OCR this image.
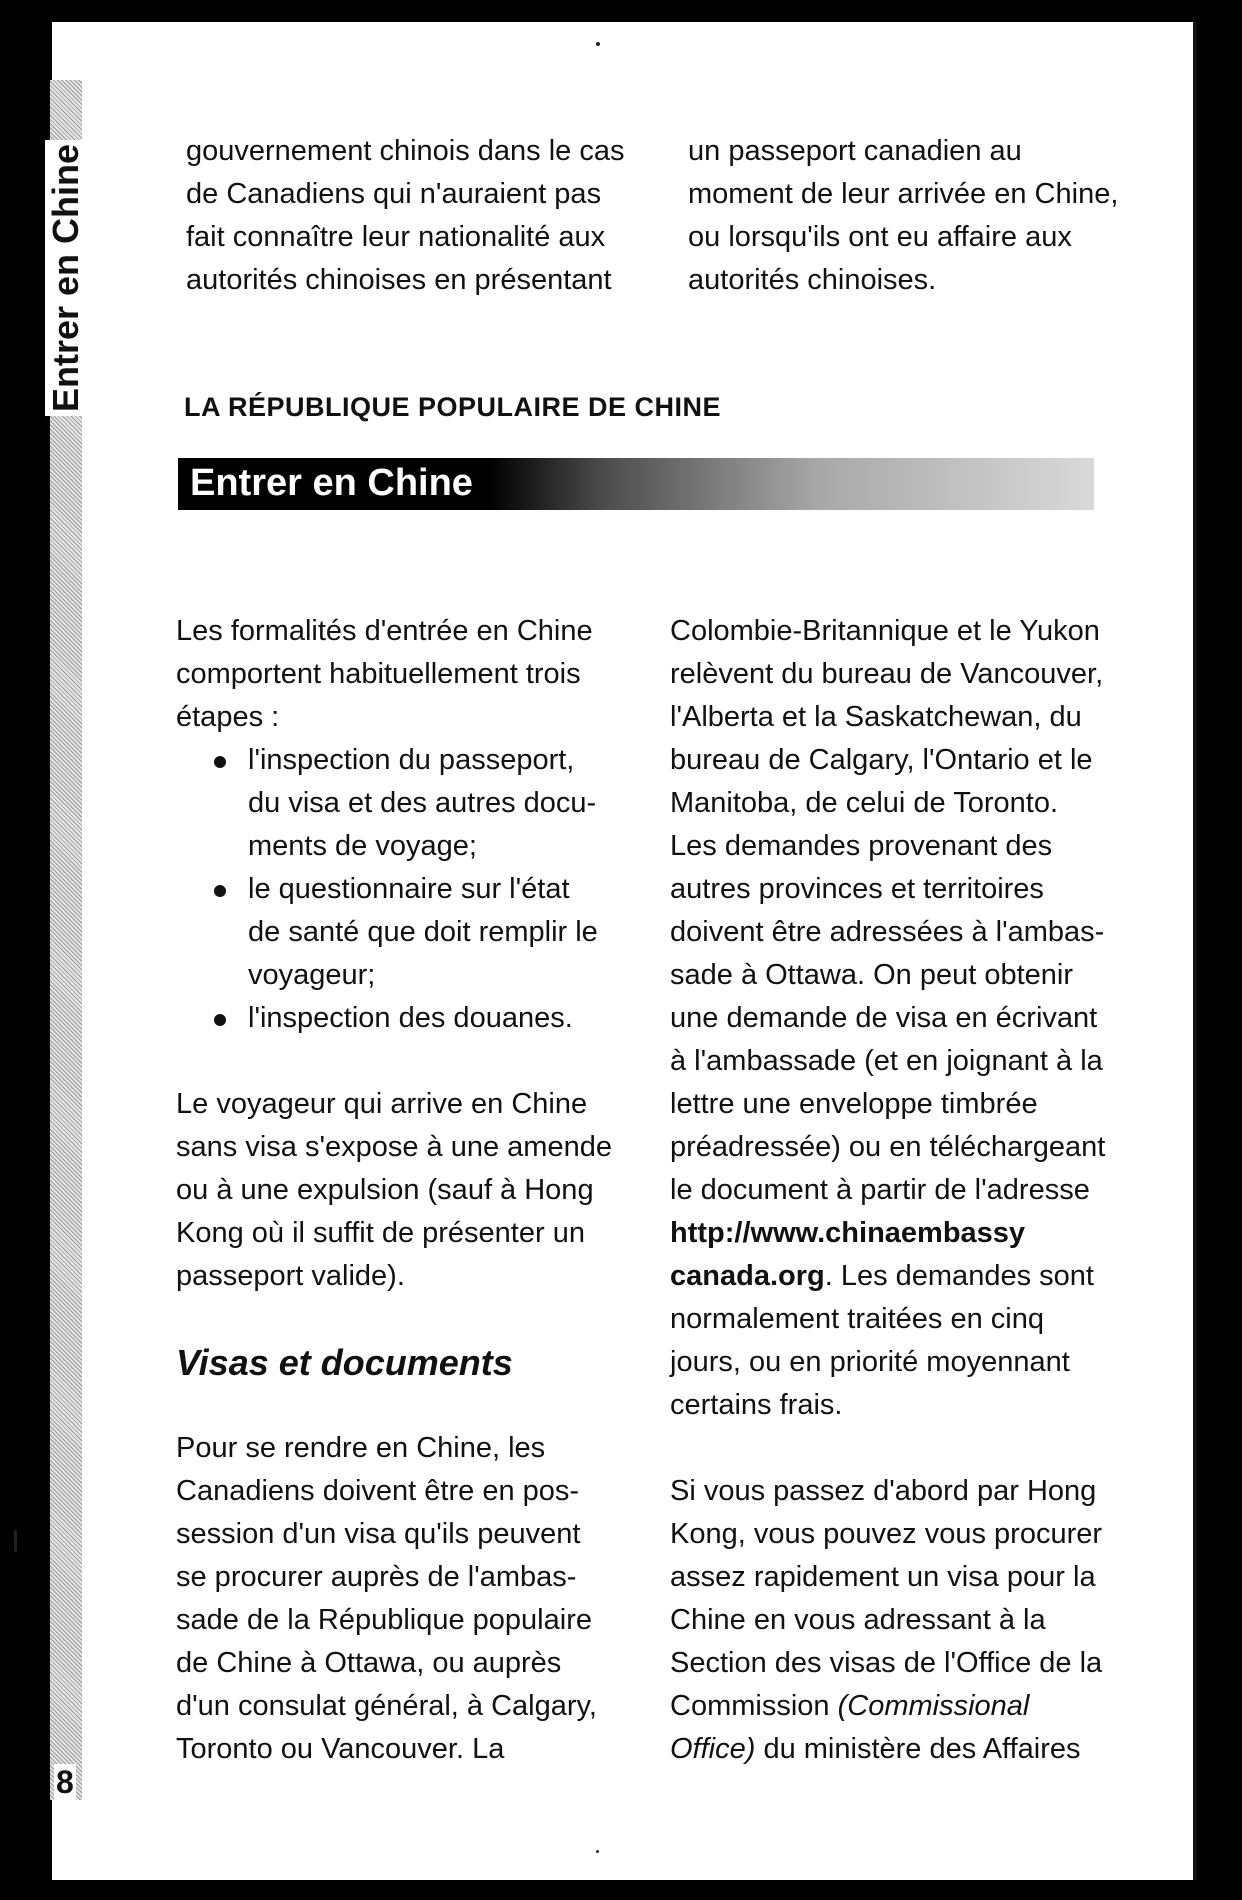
Entrer en Chine
8

gouvernement chinois dans le cas

de Canadiens qui n'auraient pas

fait connaître leur nationalité aux

autorités chinoises en présentant

un passeport canadien au

moment de leur arrivée en Chine,

ou lorsqu'ils ont eu affaire aux

autorités chinoises.

LA RÉPUBLIQUE POPULAIRE DE CHINE
Entrer en Chine

Les formalités d'entrée en Chine

comportent habituellement trois

étapes :

l'inspection du passeport,

du visa et des autres docu-

ments de voyage;

le questionnaire sur l'état

de santé que doit remplir le

voyageur;

l'inspection des douanes.

Le voyageur qui arrive en Chine

sans visa s'expose à une amende

ou à une expulsion (sauf à Hong

Kong où il suffit de présenter un

passeport valide).

Visas et documents

Pour se rendre en Chine, les

Canadiens doivent être en pos-

session d'un visa qu'ils peuvent

se procurer auprès de l'ambas-

sade de la République populaire

de Chine à Ottawa, ou auprès

d'un consulat général, à Calgary,

Toronto ou Vancouver. La

Colombie-Britannique et le Yukon

relèvent du bureau de Vancouver,

l'Alberta et la Saskatchewan, du

bureau de Calgary, l'Ontario et le

Manitoba, de celui de Toronto.

Les demandes provenant des

autres provinces et territoires

doivent être adressées à l'ambas-

sade à Ottawa. On peut obtenir

une demande de visa en écrivant

à l'ambassade (et en joignant à la

lettre une enveloppe timbrée

préadressée) ou en téléchargeant

le document à partir de l'adresse

http://www.chinaembassy

canada.org. Les demandes sont

normalement traitées en cinq

jours, ou en priorité moyennant

certains frais.

Si vous passez d'abord par Hong

Kong, vous pouvez vous procurer

assez rapidement un visa pour la

Chine en vous adressant à la

Section des visas de l'Office de la

Commission (Commissional

Office) du ministère des Affaires
